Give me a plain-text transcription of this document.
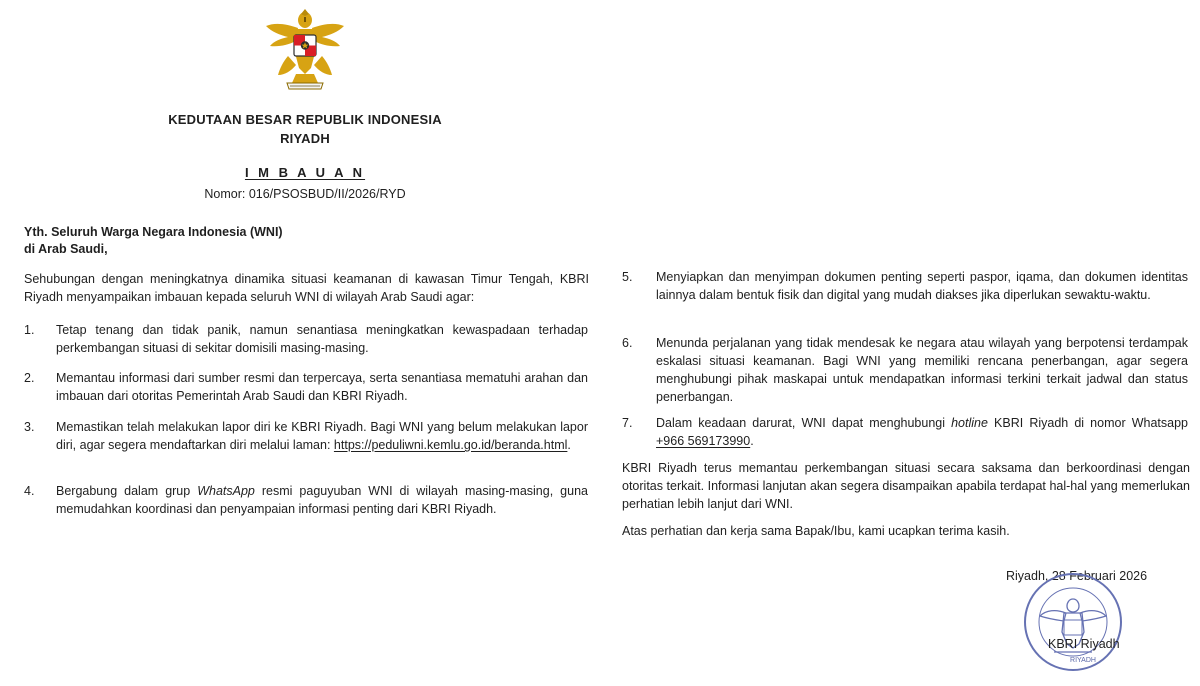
KEDUTAAN BESAR REPUBLIK INDONESIA
RIYADH
I M B A U A N
Nomor: 016/PSOSBUD/II/2026/RYD
Yth. Seluruh Warga Negara Indonesia (WNI)
di Arab Saudi,
Sehubungan dengan meningkatnya dinamika situasi keamanan di kawasan Timur Tengah, KBRI Riyadh menyampaikan imbauan kepada seluruh WNI di wilayah Arab Saudi agar:
1. Tetap tenang dan tidak panik, namun senantiasa meningkatkan kewaspadaan terhadap perkembangan situasi di sekitar domisili masing-masing.
2. Memantau informasi dari sumber resmi dan terpercaya, serta senantiasa mematuhi arahan dan imbauan dari otoritas Pemerintah Arab Saudi dan KBRI Riyadh.
3. Memastikan telah melakukan lapor diri ke KBRI Riyadh. Bagi WNI yang belum melakukan lapor diri, agar segera mendaftarkan diri melalui laman: https://peduliwni.kemlu.go.id/beranda.html.
4. Bergabung dalam grup WhatsApp resmi paguyuban WNI di wilayah masing-masing, guna memudahkan koordinasi dan penyampaian informasi penting dari KBRI Riyadh.
5. Menyiapkan dan menyimpan dokumen penting seperti paspor, iqama, dan dokumen identitas lainnya dalam bentuk fisik dan digital yang mudah diakses jika diperlukan sewaktu-waktu.
6. Menunda perjalanan yang tidak mendesak ke negara atau wilayah yang berpotensi terdampak eskalasi situasi keamanan. Bagi WNI yang memiliki rencana penerbangan, agar segera menghubungi pihak maskapai untuk mendapatkan informasi terkini terkait jadwal dan status penerbangan.
7. Dalam keadaan darurat, WNI dapat menghubungi hotline KBRI Riyadh di nomor Whatsapp +966 569173990.
KBRI Riyadh terus memantau perkembangan situasi secara saksama dan berkoordinasi dengan otoritas terkait. Informasi lanjutan akan segera disampaikan apabila terdapat hal-hal yang memerlukan perhatian lebih lanjut dari WNI.
Atas perhatian dan kerja sama Bapak/Ibu, kami ucapkan terima kasih.
Riyadh, 28 Februari 2026
KBRI Riyadh
RIYADH
